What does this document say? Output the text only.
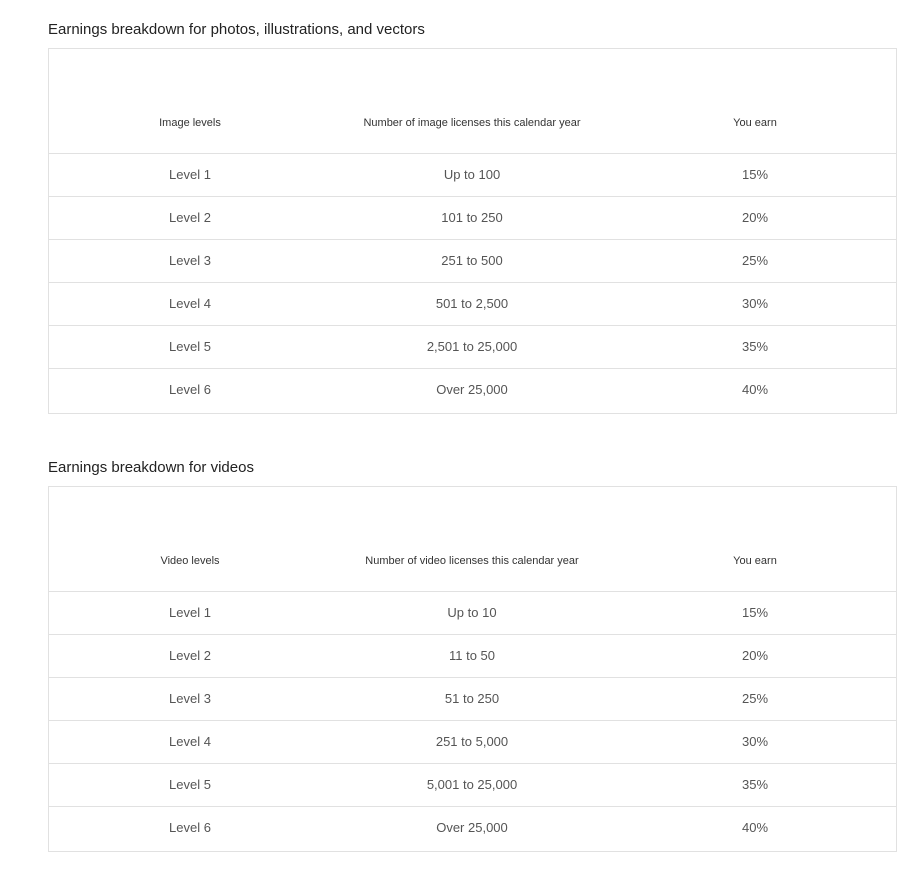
Earnings breakdown for photos, illustrations, and vectors
Image levels	Number of image licenses this calendar year	You earn
Level 1	Up to 100	15%
Level 2	101 to 250	20%
Level 3	251 to 500	25%
Level 4	501 to 2,500	30%
Level 5	2,501 to 25,000	35%
Level 6	Over 25,000	40%
Earnings breakdown for videos
Video levels	Number of video licenses this calendar year	You earn
Level 1	Up to 10	15%
Level 2	11 to 50	20%
Level 3	51 to 250	25%
Level 4	251 to 5,000	30%
Level 5	5,001 to 25,000	35%
Level 6	Over 25,000	40%
